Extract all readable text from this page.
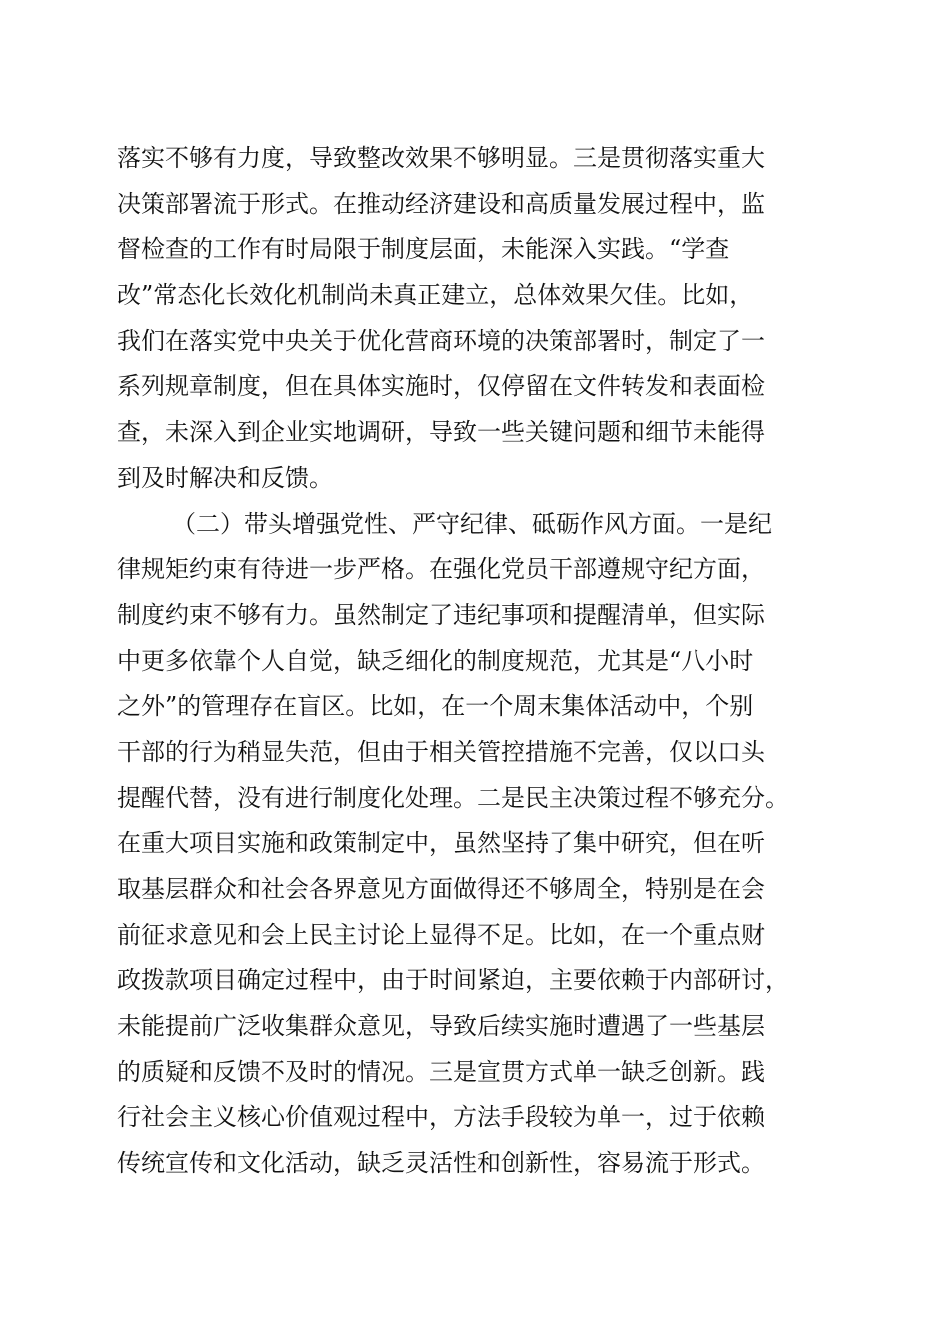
落实不够有力度，导致整改效果不够明显。三是贯彻落实重大
决策部署流于形式。在推动经济建设和高质量发展过程中，监
督检查的工作有时局限于制度层面，未能深入实践。“学查
改”常态化长效化机制尚未真正建立，总体效果欠佳。比如，
我们在落实党中央关于优化营商环境的决策部署时，制定了一
系列规章制度，但在具体实施时，仅停留在文件转发和表面检
查，未深入到企业实地调研，导致一些关键问题和细节未能得
到及时解决和反馈。
（二）带头增强党性、严守纪律、砥砺作风方面。一是纪
律规矩约束有待进一步严格。在强化党员干部遵规守纪方面，
制度约束不够有力。虽然制定了违纪事项和提醒清单，但实际
中更多依靠个人自觉，缺乏细化的制度规范，尤其是“八小时
之外”的管理存在盲区。比如，在一个周末集体活动中，个别
干部的行为稍显失范，但由于相关管控措施不完善，仅以口头
提醒代替，没有进行制度化处理。二是民主决策过程不够充分。
在重大项目实施和政策制定中，虽然坚持了集中研究，但在听
取基层群众和社会各界意见方面做得还不够周全，特别是在会
前征求意见和会上民主讨论上显得不足。比如，在一个重点财
政拨款项目确定过程中，由于时间紧迫，主要依赖于内部研讨，
未能提前广泛收集群众意见，导致后续实施时遭遇了一些基层
的质疑和反馈不及时的情况。三是宣贯方式单一缺乏创新。践
行社会主义核心价值观过程中，方法手段较为单一，过于依赖
传统宣传和文化活动，缺乏灵活性和创新性，容易流于形式。
